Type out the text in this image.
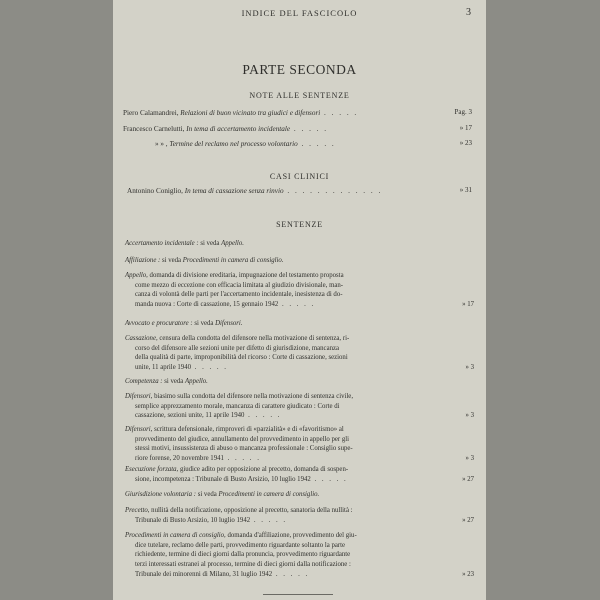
INDICE DEL FASCICOLO	3
PARTE SECONDA
NOTE ALLE SENTENZE
Piero Calamandrei, Relazioni di buon vicinato tra giudici e difensori . . . . .	Pag. 3
Francesco Carnelutti, In tema di accertamento incidentale . . . . .	» 17
» » , Termine del reclamo nel processo volontario . . . . .	» 23
CASI CLINICI
Antonino Coniglio, In tema di cassazione senza rinvio . . . . . . . . . . . . .	» 31
SENTENZE
Accertamento incidentale : si veda Appello.
Affiliazione : si veda Procedimenti in camera di consiglio.
Appello, domanda di divisione ereditaria, impugnazione del testamento proposta
come mezzo di eccezione con efficacia limitata al giudizio divisionale, man-
canza di volontà delle parti per l'accertamento incidentale, inesistenza di do-
manda nuova : Corte di cassazione, 15 gennaio 1942 . . . . .	» 17
Avvocato e procuratore : si veda Difensori.
Cassazione, censura della condotta del difensore nella motivazione di sentenza, ri-
corso del difensore alle sezioni unite per difetto di giurisdizione, mancanza
della qualità di parte, improponibilità del ricorso : Corte di cassazione, sezioni
unite, 11 aprile 1940 . . . . .	» 3
Competenza : si veda Appello.
Difensori, biasimo sulla condotta del difensore nella motivazione di sentenza civile,
semplice apprezzamento morale, mancanza di carattere giudicato : Corte di
cassazione, sezioni unite, 11 aprile 1940 . . . . .	» 3
Difensori, scrittura defensionale, rimproveri di «parzialità» e di «favoritismo» al
provvedimento del giudice, annullamento del provvedimento in appello per gli
stessi motivi, insussistenza di abuso o mancanza professionale : Consiglio supe-
riore forense, 20 novembre 1941 . . . . .	» 3
Esecuzione forzata, giudice adito per opposizione al precetto, domanda di sospen-
sione, incompetenza : Tribunale di Busto Arsizio, 10 luglio 1942 . . . . .	» 27
Giurisdizione volontaria : si veda Procedimenti in camera di consiglio.
Precetto, nullità della notificazione, opposizione al precetto, sanatoria della nullità :
Tribunale di Busto Arsizio, 10 luglio 1942 . . . . .	» 27
Procedimenti in camera di consiglio, domanda d'affiliazione, provvedimento del giu-
dice tutelare, reclamo delle parti, provvedimento riguardante soltanto la parte
richiedente, termine di dieci giorni dalla pronuncia, provvedimento riguardante
terzi interessati estranei al processo, termine di dieci giorni dalla notificazione :
Tribunale dei minorenni di Milano, 31 luglio 1942 . . . . .	» 23
